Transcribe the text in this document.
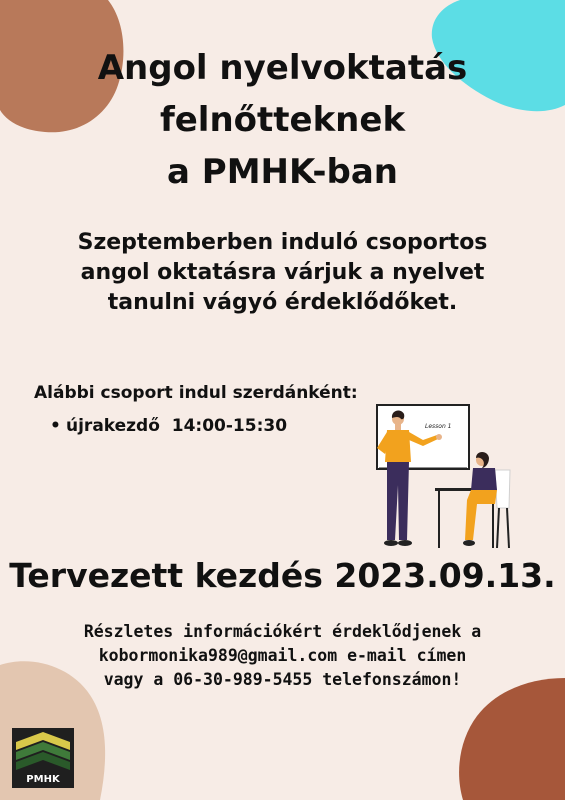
Angol nyelvoktatás
felnőtteknek
a PMHK-ban
Szeptemberben induló csoportos
angol oktatásra várjuk a nyelvet
tanulni vágyó érdeklődőket.
Alábbi csoport indul szerdánként:
• újrakezdő  14:00-15:30	Lesson 1
Tervezett kezdés 2023.09.13.
Részletes információkért érdeklődjenek a
kobormonika989@gmail.com e-mail címen
vagy a 06-30-989-5455 telefonszámon!
PMHK
